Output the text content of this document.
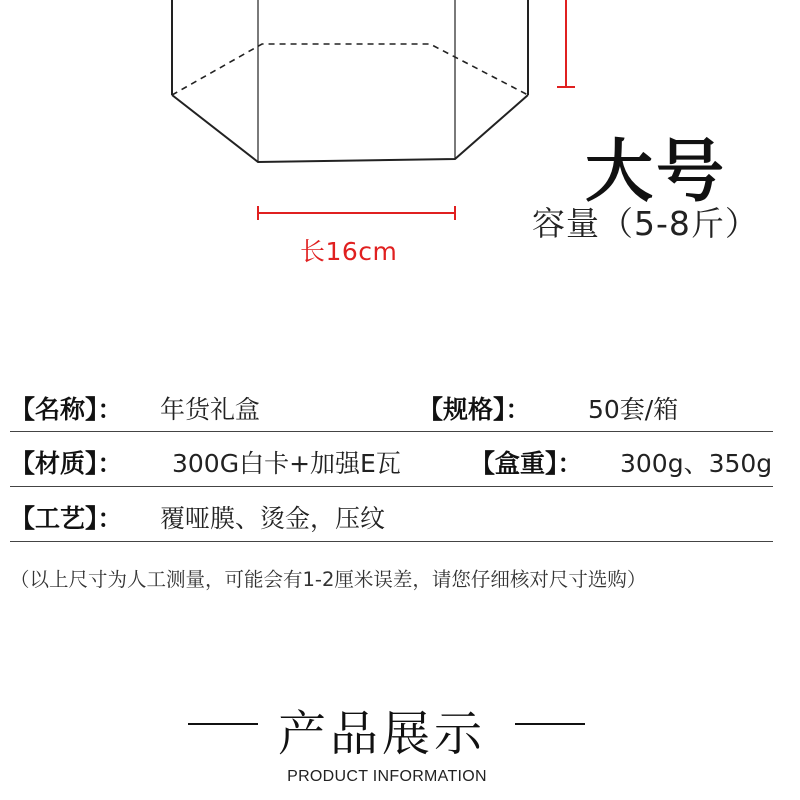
长16cm
大号
容量（5-8斤）
【名称】： 年货礼盒	【规格】： 50套/箱
【材质】： 300G白卡+加强E瓦	【盒重】： 300g、350g
【工艺】： 覆哑膜、烫金，压纹
（以上尺寸为人工测量，可能会有1-2厘米误差，请您仔细核对尺寸选购）
产品展示
PRODUCT INFORMATION
